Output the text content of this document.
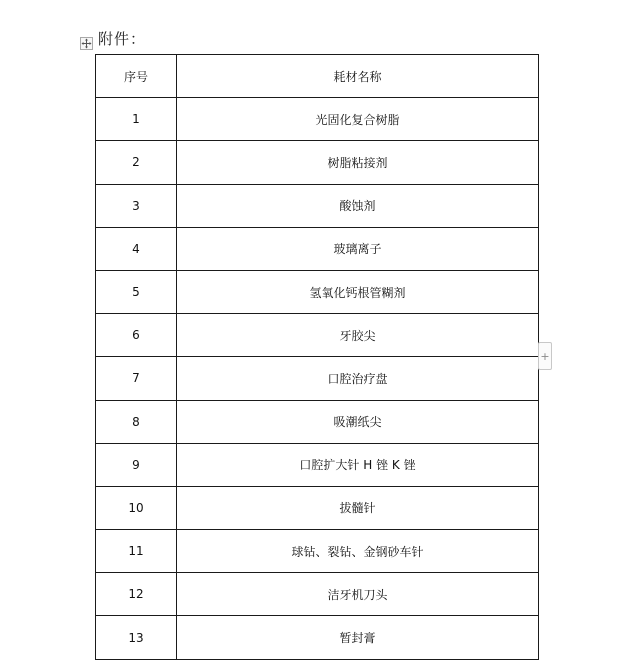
附件：
序号	耗材名称
1	光固化复合树脂
2	树脂粘接剂
3	酸蚀剂
4	玻璃离子
5	氢氧化钙根管糊剂
6	牙胶尖
7	口腔治疗盘
8	吸潮纸尖
9	口腔扩大针 H 锉 K 锉
10	拔髓针
11	球钻、裂钻、金钢砂车针
12	洁牙机刀头
13	暂封膏
+
